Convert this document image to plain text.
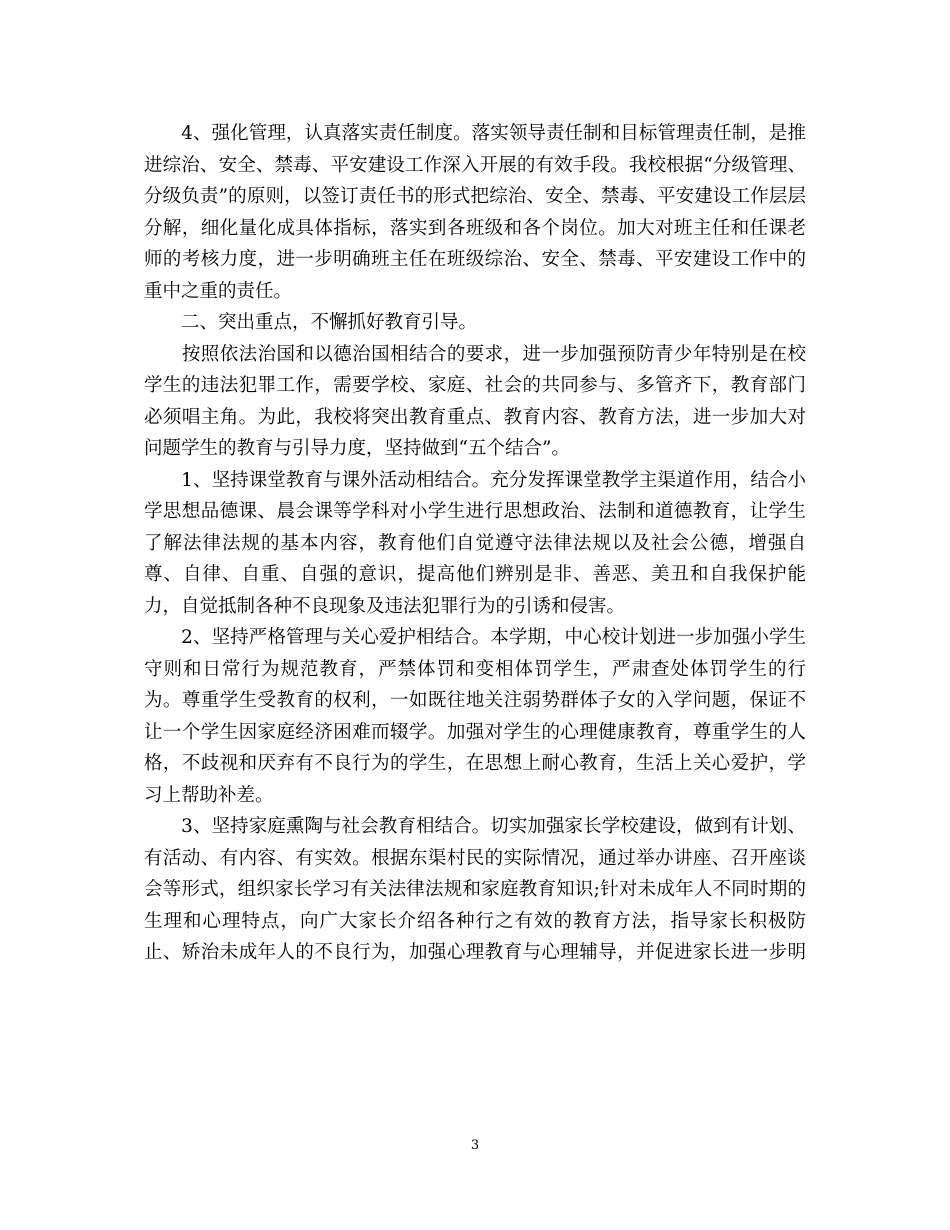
　　4、强化管理，认真落实责任制度。落实领导责任制和目标管理责任制，是推
进综治、安全、禁毒、平安建设工作深入开展的有效手段。我校根据“分级管理、
分级负责”的原则，以签订责任书的形式把综治、安全、禁毒、平安建设工作层层
分解，细化量化成具体指标，落实到各班级和各个岗位。加大对班主任和任课老
师的考核力度，进一步明确班主任在班级综治、安全、禁毒、平安建设工作中的
重中之重的责任。
　　二、突出重点，不懈抓好教育引导。
　　按照依法治国和以德治国相结合的要求，进一步加强预防青少年特别是在校
学生的违法犯罪工作，需要学校、家庭、社会的共同参与、多管齐下，教育部门
必须唱主角。为此，我校将突出教育重点、教育内容、教育方法，进一步加大对
问题学生的教育与引导力度，坚持做到“五个结合”。
　　1、坚持课堂教育与课外活动相结合。充分发挥课堂教学主渠道作用，结合小
学思想品德课、晨会课等学科对小学生进行思想政治、法制和道德教育，让学生
了解法律法规的基本内容，教育他们自觉遵守法律法规以及社会公德，增强自
尊、自律、自重、自强的意识，提高他们辨别是非、善恶、美丑和自我保护能
力，自觉抵制各种不良现象及违法犯罪行为的引诱和侵害。
　　2、坚持严格管理与关心爱护相结合。本学期，中心校计划进一步加强小学生
守则和日常行为规范教育，严禁体罚和变相体罚学生，严肃查处体罚学生的行
为。尊重学生受教育的权利，一如既往地关注弱势群体子女的入学问题，保证不
让一个学生因家庭经济困难而辍学。加强对学生的心理健康教育，尊重学生的人
格，不歧视和厌弃有不良行为的学生，在思想上耐心教育，生活上关心爱护，学
习上帮助补差。
　　3、坚持家庭熏陶与社会教育相结合。切实加强家长学校建设，做到有计划、
有活动、有内容、有实效。根据东渠村民的实际情况，通过举办讲座、召开座谈
会等形式，组织家长学习有关法律法规和家庭教育知识;针对未成年人不同时期的
生理和心理特点，向广大家长介绍各种行之有效的教育方法，指导家长积极防
止、矫治未成年人的不良行为，加强心理教育与心理辅导，并促进家长进一步明
3
